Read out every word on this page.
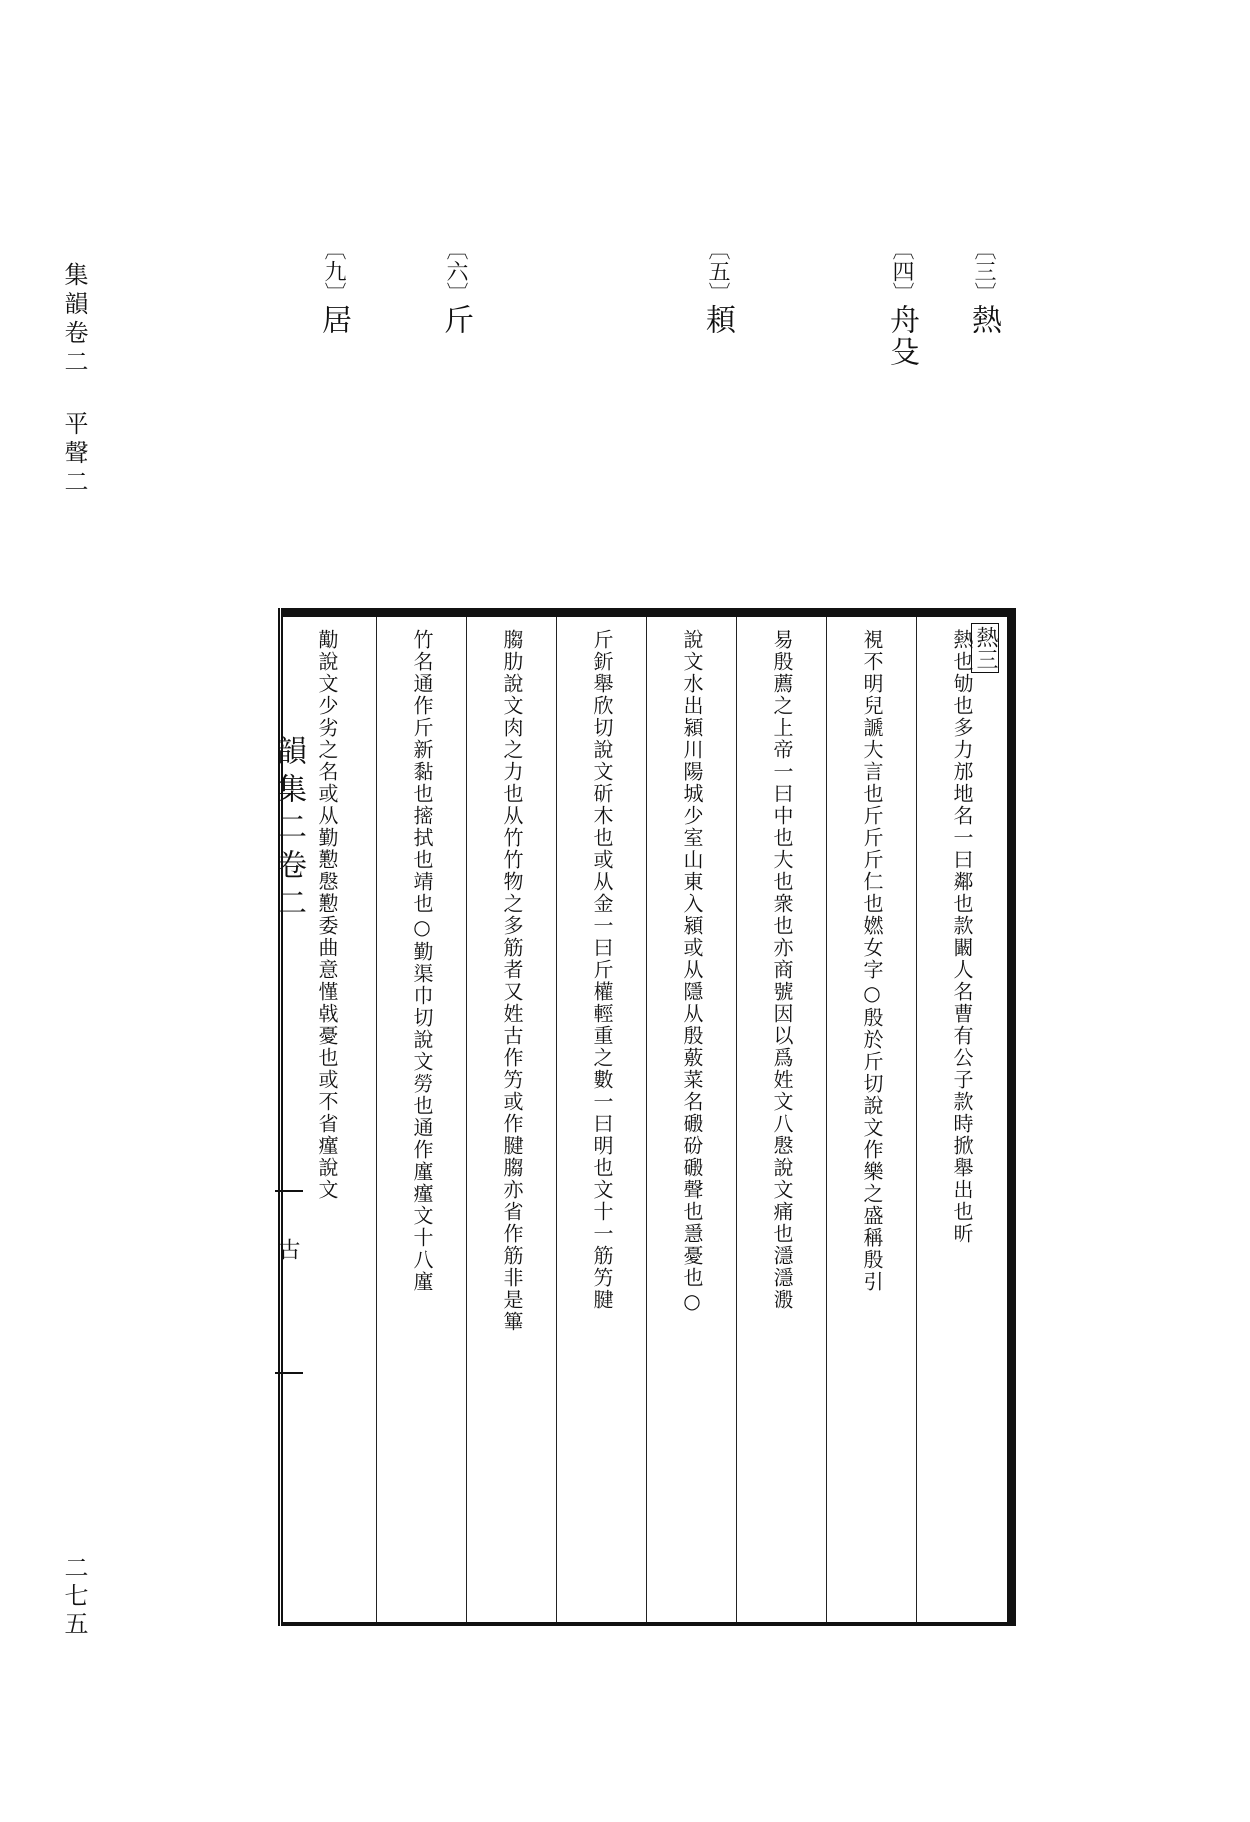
集韻卷二 平聲二
二七五
〔三〕熱
〔四〕舟殳
〔五〕頛
〔六〕斤
〔九〕居
韻集二卷二
古
熱三
熱也劬也多力邡地名一曰鄰也款闞人名曹有公子款時掀舉出也昕
視不明兒謕大言也斤斤斤仁也㜣女字○殷於斤切說文作樂之盛稱殷引
易殷薦之上帝一曰中也大也衆也亦商號因以爲姓文八慇說文痛也濦濦溵
說文水出潁川陽城少室山東入潁或从隱从殷薂菜名磤砏磤聲也㥯憂也○
斤釿舉欣切說文斫木也或从金一曰斤權輕重之數一曰明也文十一筋竻腱
䐢肋說文肉之力也从竹竹物之多筋者又姓古作竻或作腱䐢亦省作筋非是篳
竹名通作斤新黏也㨸拭也靖也○勤渠巾切說文勞也通作廑瘽文十八廑
勱說文少劣之名或从勤懃慇懃委曲意慬㦸憂也或不省瘽說文
